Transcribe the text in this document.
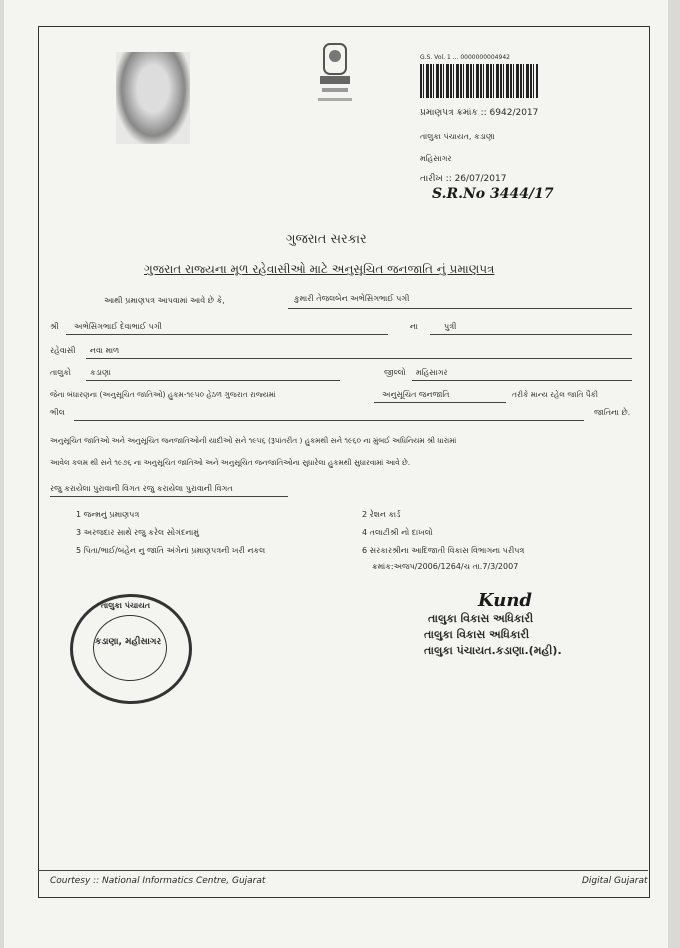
G.S. Vol. 1 ... 0000000004942
પ્રમાણપત્ર ક્રમાંક :: 6942/2017
તાલુકા પંચાયત, કડાણા
મહિસાગર
તારીખ :: 26/07/2017
S.R.No 3444/17
ગુજરાત સરકાર
ગુજરાત રાજ્યના મૂળ રહેવાસીઓ માટે અનુસૂચિત જનજાતિ નું પ્રમાણપત્ર
આથી પ્રમાણપત્ર આપવામાં આવે છે કે,	કુમારી તેજલબેન અભેસિંગભાઈ પગી
શ્રી અભેસિંગભાઈ દેવાભાઈ પગી	ના	પુત્રી
રહેવાસી નવા માળ
તાલુકો કડાણા	જીલ્લો મહિસાગર
જેના બંધારણના (અનુસૂચિત જાતિઓ) હુકમ-૧૯૫૦ હેઠળ ગુજરાત રાજ્યમાં	અનુસૂચિત જનજાતિ	તરીકે માન્ય રહેલ જાતિ પૈકી
ભીલ	જાતિના છે.
અનુસૂચિત જાતિઓ અને અનુસૂચિત જનજાતિઓની યાદીઓ સને ૧૯૫૬ (રૂપાંતરીત ) હુકમથી સને ૧૯૬૦ ના મુંબઈ અધિનિયમ શ્રી ધારામાં
આવેલ કલમ થી સને ૧૯૭૬ ના અનુસૂચિત જાતિઓ અને અનુસૂચિત જનજાતિઓના સુધારેલા હુકમથી સુધારવામાં આવે છે.
રજુ કરાયેલા પુરાવાની વિગત રજુ કરાયેલા પુરાવાની વિગત
1 જન્મનું પ્રમાણપત્ર	2 રેશન કાર્ડ
3 અરજદાર સાથે રજુ કરેલ સોગંદનામું	4 તલાટીશ્રી નો દાખલો
5 પિતા/ભાઈ/બહેન નુ જાતિ અંગેનાં પ્રમાણપત્રની ખરી નકલ	6 સરકારશ્રીના આદિજાતી વિકાસ વિભાગના પરીપત્ર
ક્રમાંક:અજપ/2006/1264/ચ તા.7/3/2007
તાલુકા પંચાયત
કડાણા, મહીસાગર
Kund
તાલુકા વિકાસ અધિકારી
તાલુકા વિકાસ અધિકારી
તાલુકા પંચાયત.કડાણા.(મહી).
Courtesy :: National Informatics Centre, Gujarat	Digital Gujarat
